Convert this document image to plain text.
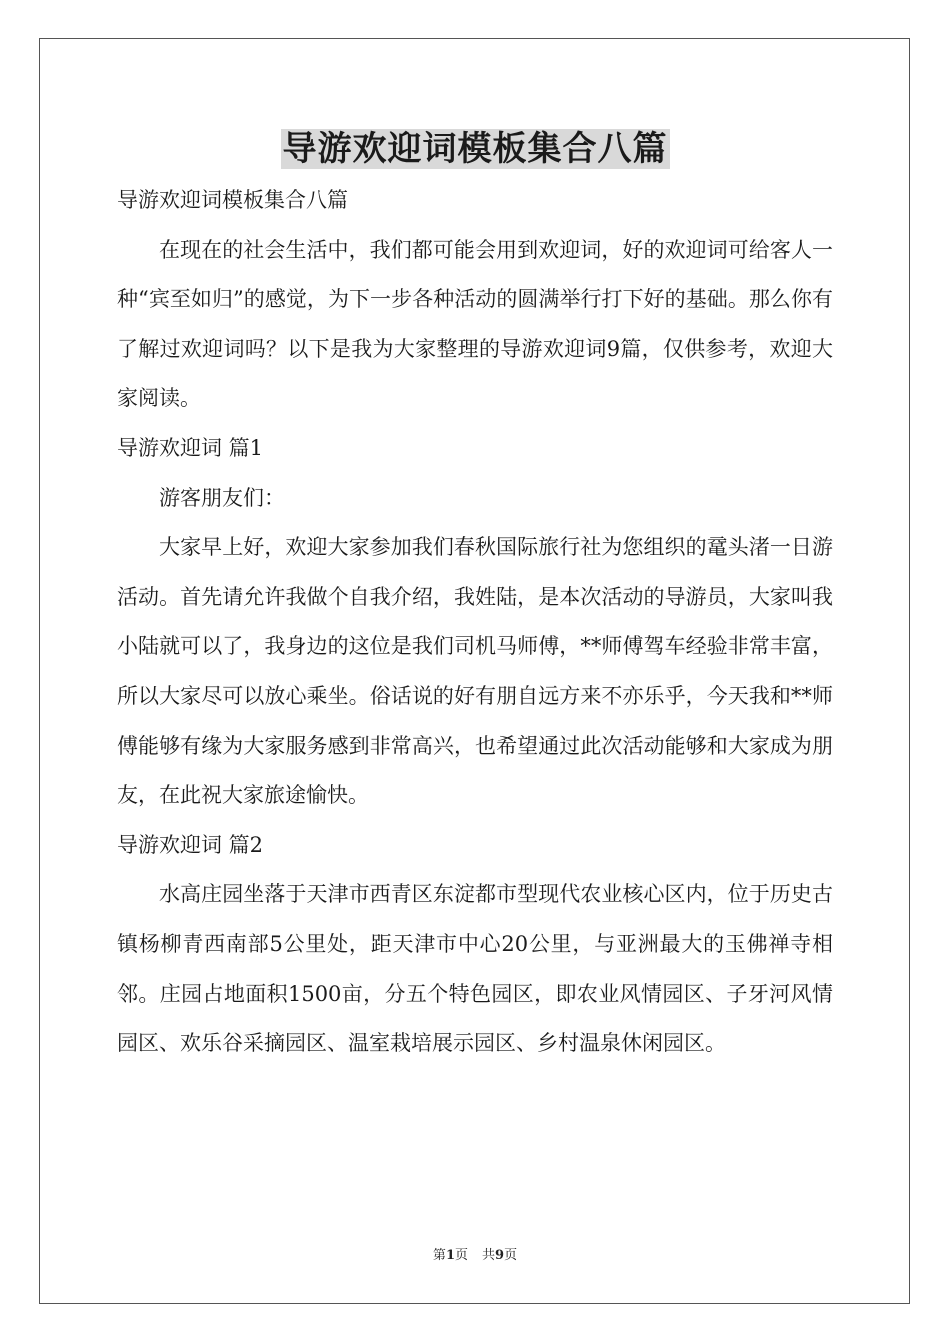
导游欢迎词模板集合八篇

导游欢迎词模板集合八篇

在现在的社会生活中，我们都可能会用到欢迎词，好的欢迎词可给客人一种“宾至如归”的感觉，为下一步各种活动的圆满举行打下好的基础。那么你有了解过欢迎词吗？以下是我为大家整理的导游欢迎词9篇，仅供参考，欢迎大家阅读。

导游欢迎词 篇1

游客朋友们：

大家早上好，欢迎大家参加我们春秋国际旅行社为您组织的鼋头渚一日游活动。首先请允许我做个自我介绍，我姓陆，是本次活动的导游员，大家叫我小陆就可以了，我身边的这位是我们司机马师傅，**师傅驾车经验非常丰富，所以大家尽可以放心乘坐。俗话说的好有朋自远方来不亦乐乎，今天我和**师傅能够有缘为大家服务感到非常高兴，也希望通过此次活动能够和大家成为朋友，在此祝大家旅途愉快。

导游欢迎词 篇2

水高庄园坐落于天津市西青区东淀都市型现代农业核心区内，位于历史古镇杨柳青西南部5公里处，距天津市中心20公里，与亚洲最大的玉佛禅寺相邻。庄园占地面积1500亩，分五个特色园区，即农业风情园区、子牙河风情园区、欢乐谷采摘园区、温室栽培展示园区、乡村温泉休闲园区。

第1页 共9页
